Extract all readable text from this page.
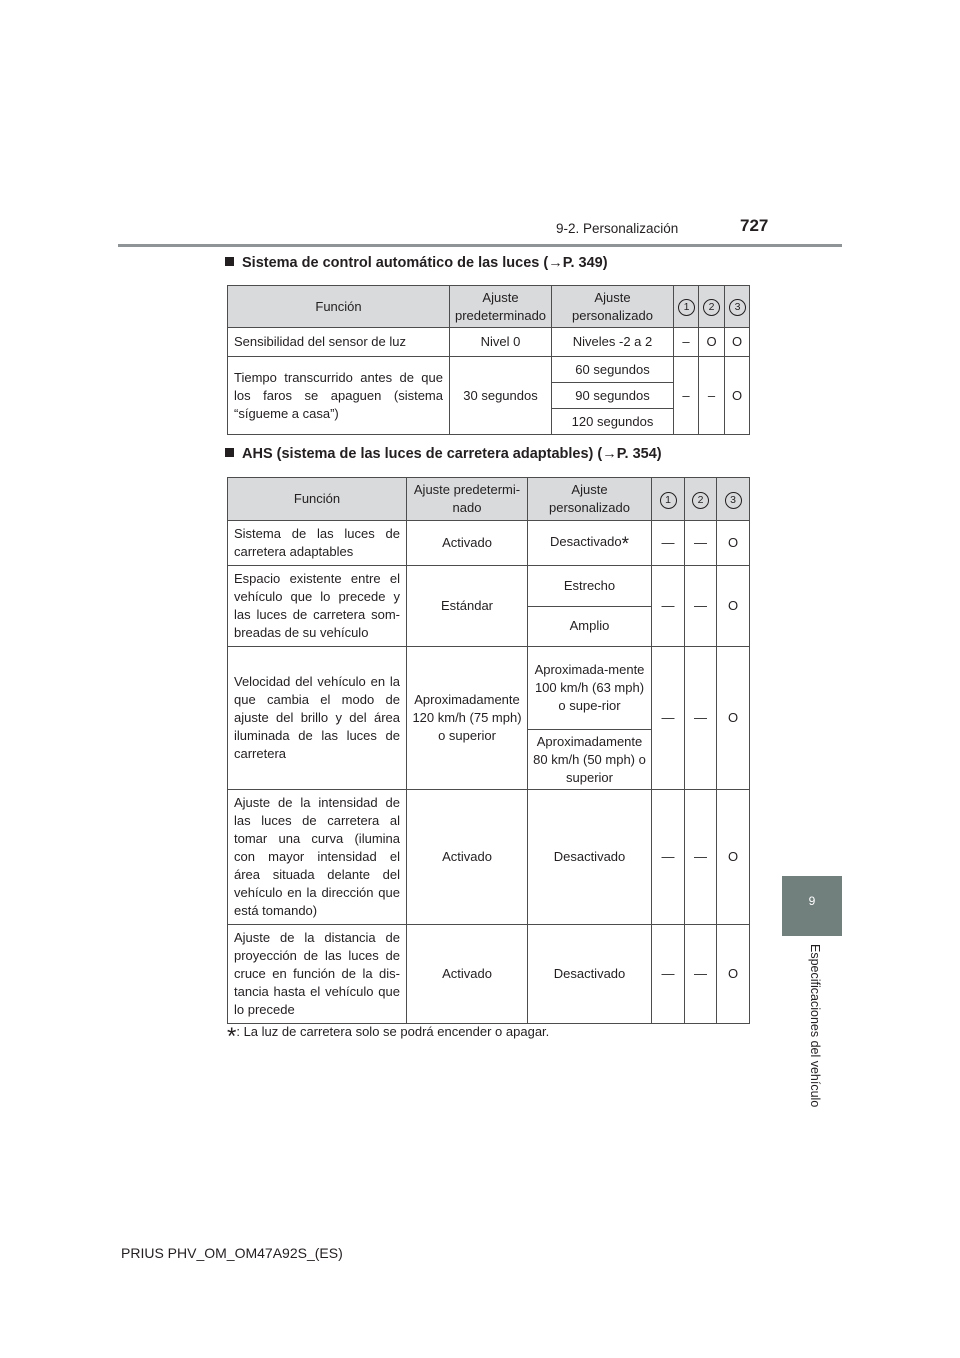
9-2. Personalización	727
9
Especificaciones del vehículo
Sistema de control automático de las luces (→P. 349)
Función	Ajuste predeterminado	Ajuste personalizado	1	2	3
Sensibilidad del sensor de luz	Nivel 0	Niveles -2 a 2	–	O	O
Tiempo transcurrido antes de que los faros se apaguen (sistema “sígueme a casa”)	30 segundos	60 segundos	–	–	O
		90 segundos			
		120 segundos			
AHS (sistema de las luces de carretera adaptables) (→P. 354)
Función	Ajuste predetermi-nado	Ajuste personalizado	1	2	3
Sistema de las luces de carretera adaptables	Activado	Desactivado*	—	—	O
Espacio existente entre el vehículo que lo precede y las luces de carretera som-breadas de su vehículo	Estándar	Estrecho	—	—	O
		Amplio			
Velocidad del vehículo en la que cambia el modo de ajuste del brillo y del área iluminada de las luces de carretera	Aproximadamente 120 km/h (75 mph) o superior	Aproximada-mente 100 km/h (63 mph) o supe-rior	—	—	O
		Aproximadamente 80 km/h (50 mph) o superior			
Ajuste de la intensidad de las luces de carretera al tomar una curva (ilumina con mayor intensidad el área situada delante del vehículo en la dirección que está tomando)	Activado	Desactivado	—	—	O
Ajuste de la distancia de proyección de las luces de cruce en función de la dis-tancia hasta el vehículo que lo precede	Activado	Desactivado	—	—	O
*: La luz de carretera solo se podrá encender o apagar.
PRIUS PHV_OM_OM47A92S_(ES)
